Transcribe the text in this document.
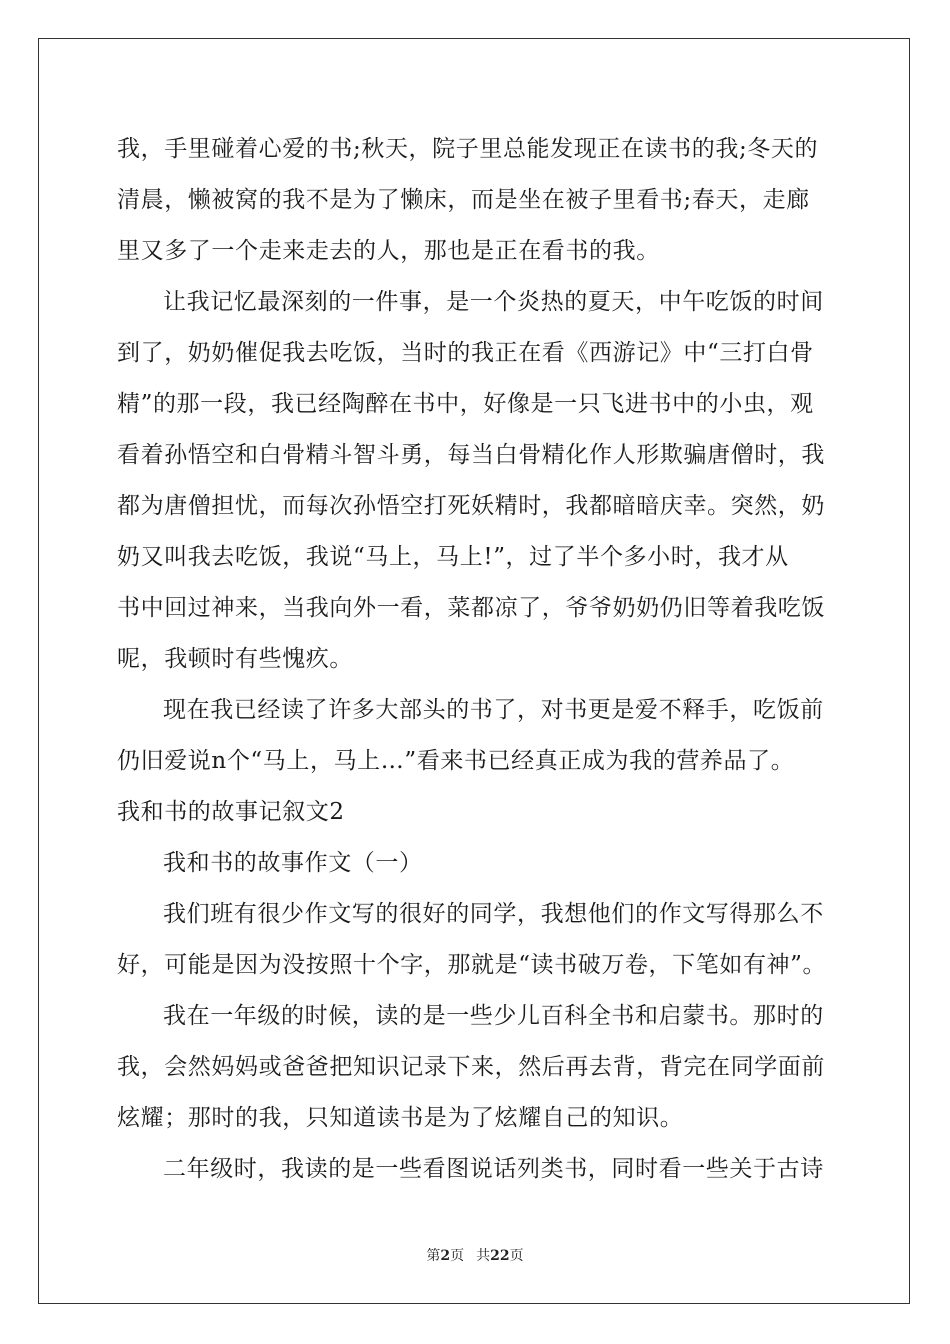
我，手里碰着心爱的书;秋天，院子里总能发现正在读书的我;冬天的
清晨，懒被窝的我不是为了懒床，而是坐在被子里看书;春天，走廊
里又多了一个走来走去的人，那也是正在看书的我。
让我记忆最深刻的一件事，是一个炎热的夏天，中午吃饭的时间
到了，奶奶催促我去吃饭，当时的我正在看《西游记》中“三打白骨
精”的那一段，我已经陶醉在书中，好像是一只飞进书中的小虫，观
看着孙悟空和白骨精斗智斗勇，每当白骨精化作人形欺骗唐僧时，我
都为唐僧担忧，而每次孙悟空打死妖精时，我都暗暗庆幸。突然，奶
奶又叫我去吃饭，我说“马上，马上!”，过了半个多小时，我才从
书中回过神来，当我向外一看，菜都凉了，爷爷奶奶仍旧等着我吃饭
呢，我顿时有些愧疚。
现在我已经读了许多大部头的书了，对书更是爱不释手，吃饭前
仍旧爱说n个“马上，马上…”看来书已经真正成为我的营养品了。
我和书的故事记叙文2
我和书的故事作文（一）
我们班有很少作文写的很好的同学，我想他们的作文写得那么不
好，可能是因为没按照十个字，那就是“读书破万卷，下笔如有神”。
我在一年级的时候，读的是一些少儿百科全书和启蒙书。那时的
我，会然妈妈或爸爸把知识记录下来，然后再去背，背完在同学面前
炫耀；那时的我，只知道读书是为了炫耀自己的知识。
二年级时，我读的是一些看图说话列类书，同时看一些关于古诗
第2页 共22页
